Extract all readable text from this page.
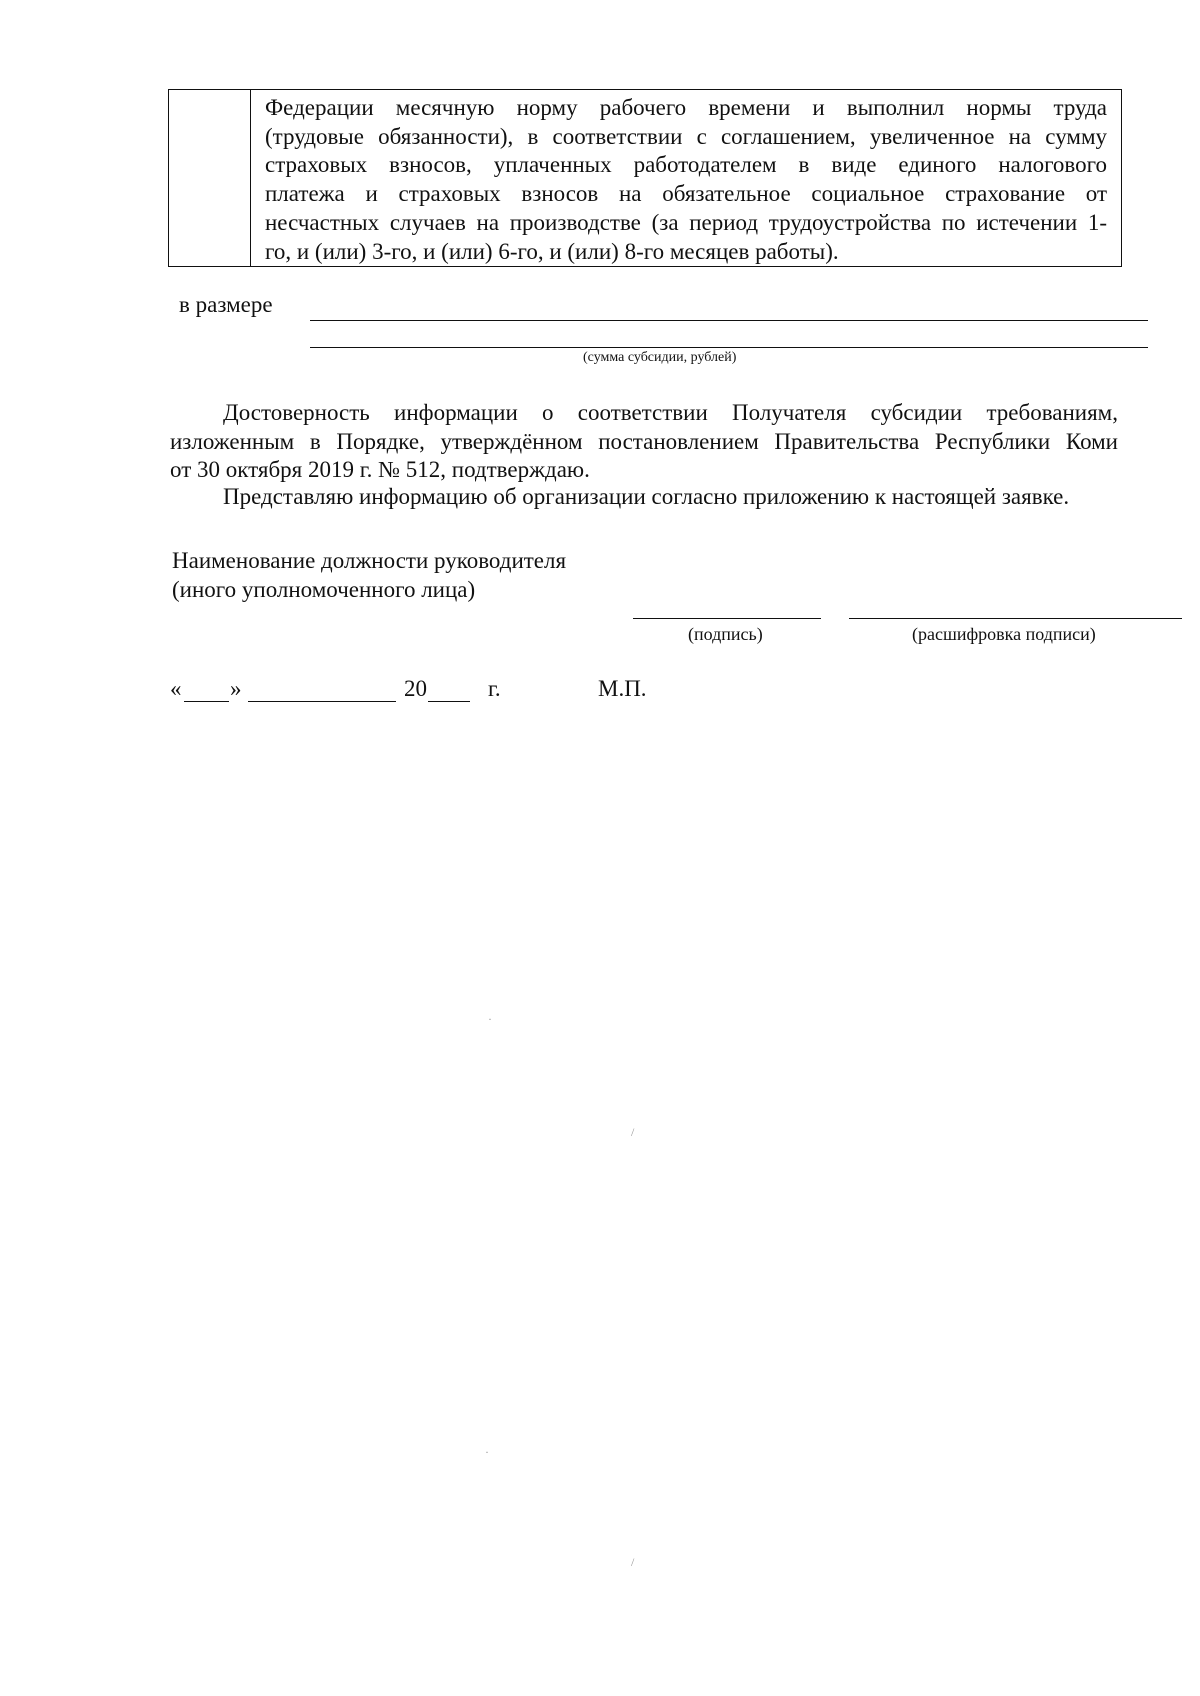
Федерации месячную норму рабочего времени и выполнил нормы труда
(трудовые обязанности), в соответствии с соглашением, увеличенное на сумму
страховых взносов, уплаченных работодателем в виде единого налогового
платежа и страховых взносов на обязательное социальное страхование от
несчастных случаев на производстве (за период трудоустройства по истечении 1-
го, и (или) 3-го, и (или) 6-го, и (или) 8-го месяцев работы).
в размере
(сумма субсидии, рублей)
Достоверность информации о соответствии Получателя субсидии требованиям,
изложенным в Порядке, утверждённом постановлением Правительства Республики Коми
от 30 октября 2019 г. № 512, подтверждаю.
Представляю информацию об организации согласно приложению к настоящей заявке.
Наименование должности руководителя
(иного уполномоченного лица)
(подпись)	(расшифровка подписи)
« »	20	г.	М.П.
·
/
·
/
